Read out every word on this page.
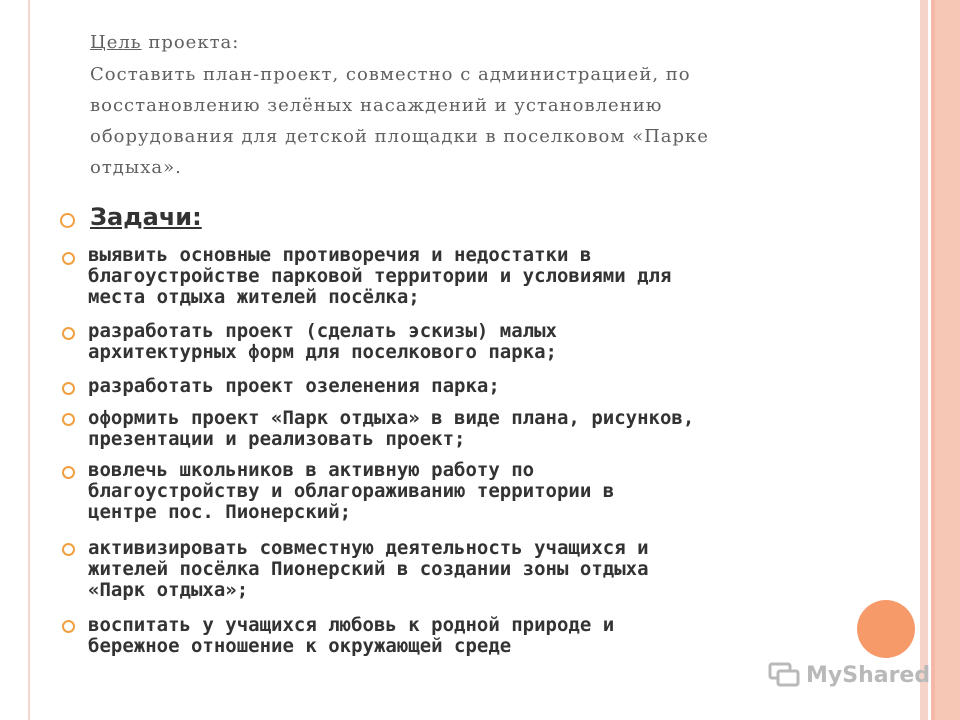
Цель проекта:
Составить план-проект, совместно с администрацией, по
восстановлению зелёных насаждений и установлению
оборудования для детской площадки в поселковом «Парке
отдыха».
Задачи:
выявить основные противоречия и недостатки в
благоустройстве парковой территории и условиями для
места отдыха жителей посёлка;
разработать проект (сделать эскизы) малых
архитектурных форм для поселкового парка;
разработать проект озеленения парка;
оформить проект «Парк отдыха» в виде плана, рисунков,
презентации и реализовать проект;
вовлечь школьников в активную работу по
благоустройству и облагораживанию территории в
центре пос. Пионерский;
активизировать совместную деятельность учащихся и
жителей посёлка Пионерский в создании зоны отдыха
«Парк отдыха»;
воспитать у учащихся любовь к родной природе и
бережное отношение к окружающей среде
MyShared
